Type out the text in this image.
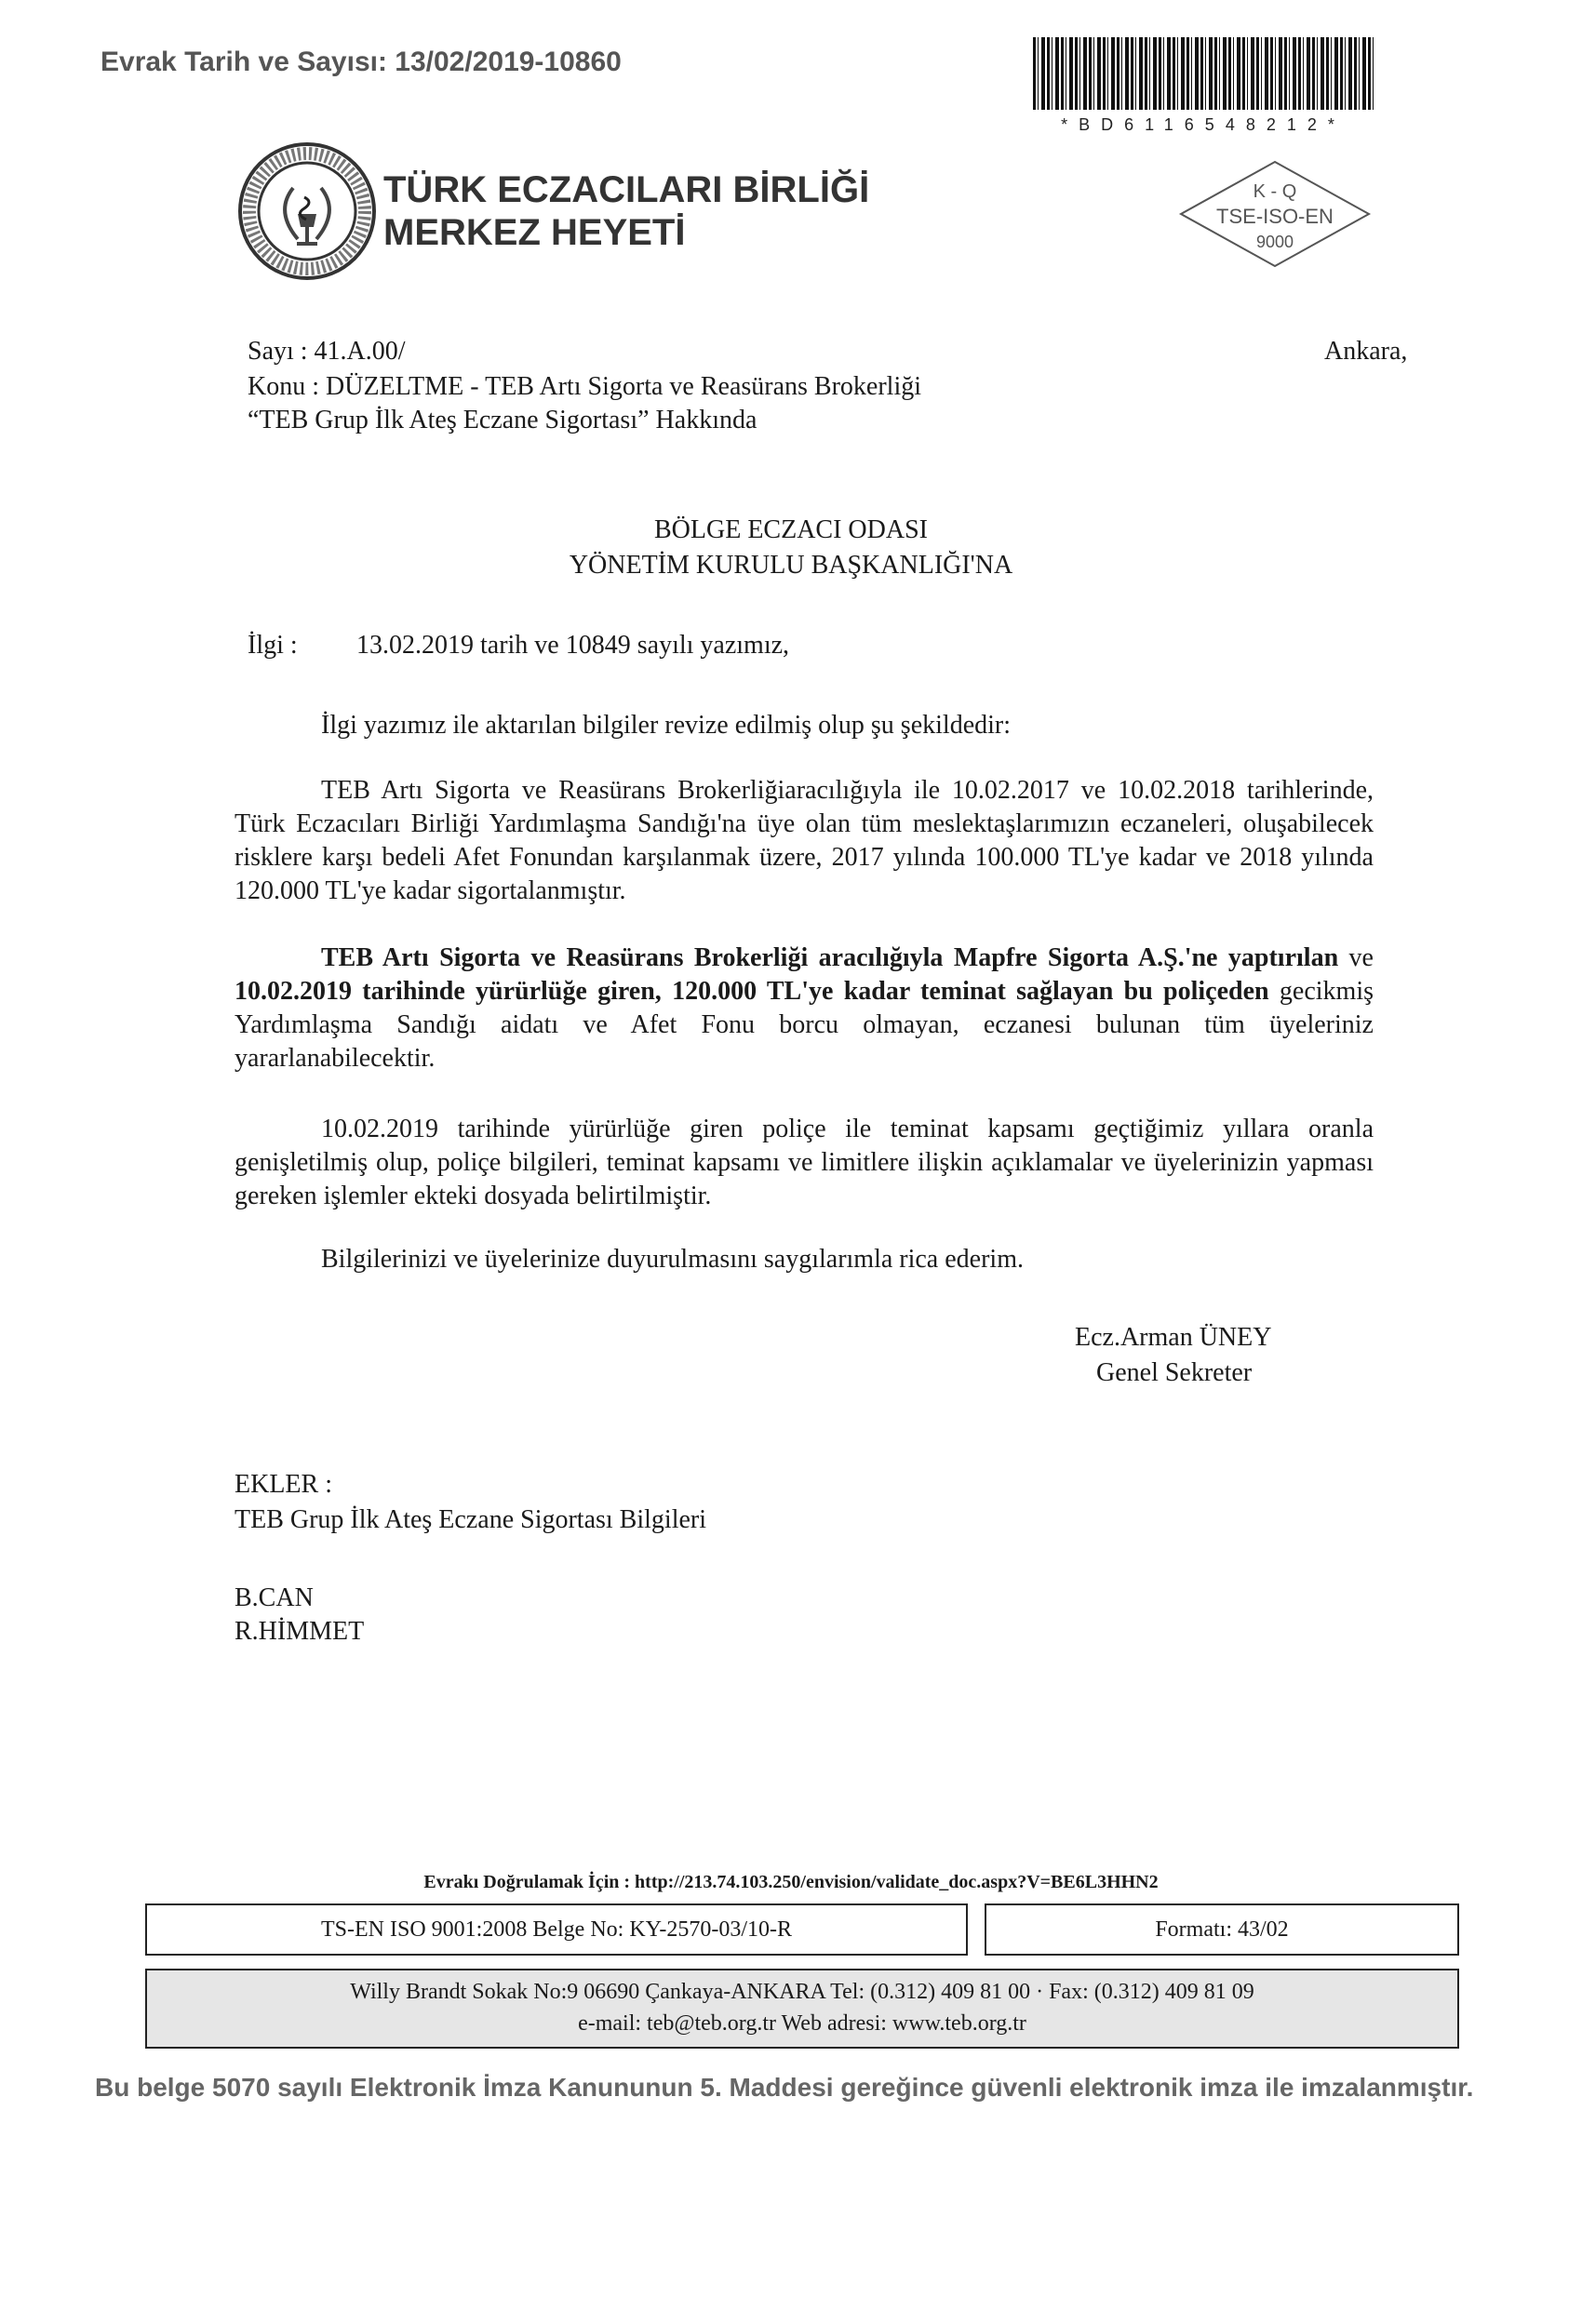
Evrak Tarih ve Sayısı: 13/02/2019-10860
*BD6116548212*
TÜRK ECZACILARI BİRLİĞİ
MERKEZ HEYETİ
K - Q
TSE-ISO-EN
9000
Sayı : 41.A.00/	Ankara,
Konu : DÜZELTME - TEB Artı Sigorta ve Reasürans Brokerliği
“TEB Grup İlk Ateş Eczane Sigortası” Hakkında
BÖLGE ECZACI ODASI
YÖNETİM KURULU BAŞKANLIĞI'NA
İlgi : 13.02.2019 tarih ve 10849 sayılı yazımız,
İlgi yazımız ile aktarılan bilgiler revize edilmiş olup şu şekildedir:
TEB Artı Sigorta ve Reasürans Brokerliğiaracılığıyla ile 10.02.2017 ve 10.02.2018 tarihlerinde, Türk Eczacıları Birliği Yardımlaşma Sandığı'na üye olan tüm meslektaşlarımızın eczaneleri, oluşabilecek risklere karşı bedeli Afet Fonundan karşılanmak üzere, 2017 yılında 100.000 TL'ye kadar ve 2018 yılında 120.000 TL'ye kadar sigortalanmıştır.
TEB Artı Sigorta ve Reasürans Brokerliği aracılığıyla Mapfre Sigorta A.Ş.'ne yaptırılan ve 10.02.2019 tarihinde yürürlüğe giren, 120.000 TL'ye kadar teminat sağlayan bu poliçeden gecikmiş Yardımlaşma Sandığı aidatı ve Afet Fonu borcu olmayan, eczanesi bulunan tüm üyeleriniz yararlanabilecektir.
10.02.2019 tarihinde yürürlüğe giren poliçe ile teminat kapsamı geçtiğimiz yıllara oranla genişletilmiş olup, poliçe bilgileri, teminat kapsamı ve limitlere ilişkin açıklamalar ve üyelerinizin yapması gereken işlemler ekteki dosyada belirtilmiştir.
Bilgilerinizi ve üyelerinize duyurulmasını saygılarımla rica ederim.
Ecz.Arman ÜNEY
Genel Sekreter
EKLER :
TEB Grup İlk Ateş Eczane Sigortası Bilgileri
B.CAN
R.HİMMET
Evrakı Doğrulamak İçin : http://213.74.103.250/envision/validate_doc.aspx?V=BE6L3HHN2
TS-EN ISO 9001:2008 Belge No: KY-2570-03/10-R	Formatı: 43/02
Willy Brandt Sokak No:9 06690 Çankaya-ANKARA Tel: (0.312) 409 81 00 · Fax: (0.312) 409 81 09
e-mail: teb@teb.org.tr Web adresi: www.teb.org.tr
Bu belge 5070 sayılı Elektronik İmza Kanununun 5. Maddesi gereğince güvenli elektronik imza ile imzalanmıştır.
